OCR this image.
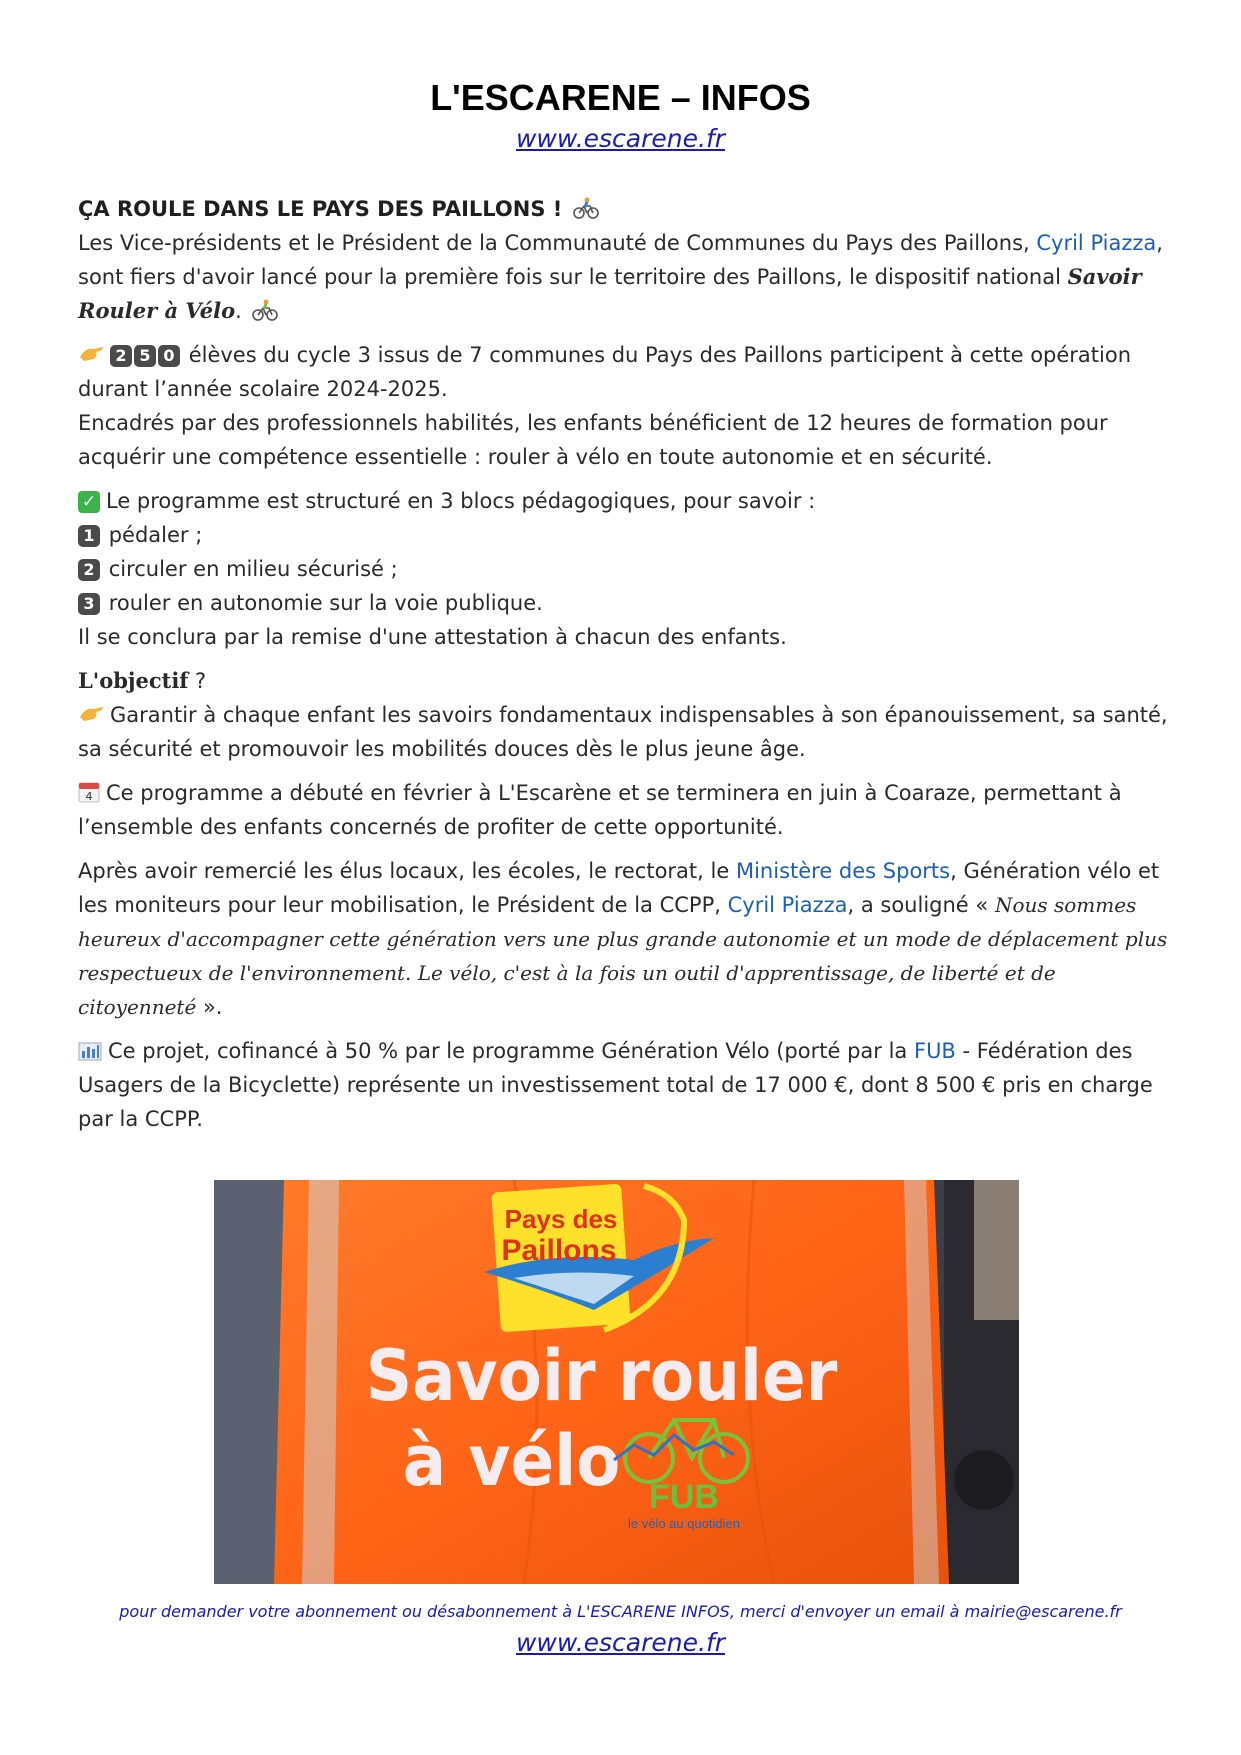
L'ESCARENE – INFOS
www.escarene.fr

ÇA ROULE DANS LE PAYS DES PAILLONS !
Les Vice-présidents et le Président de la Communauté de Communes du Pays des Paillons, Cyril Piazza, sont fiers d'avoir lancé pour la première fois sur le territoire des Paillons, le dispositif national Savoir Rouler à Vélo.

2 5 0 élèves du cycle 3 issus de 7 communes du Pays des Paillons participent à cette opération durant l’année scolaire 2024-2025.
Encadrés par des professionnels habilités, les enfants bénéficient de 12 heures de formation pour acquérir une compétence essentielle : rouler à vélo en toute autonomie et en sécurité.

✓ Le programme est structuré en 3 blocs pédagogiques, pour savoir :
1 pédaler ;
2 circuler en milieu sécurisé ;
3 rouler en autonomie sur la voie publique.
Il se conclura par la remise d'une attestation à chacun des enfants.

L'objectif ?
Garantir à chaque enfant les savoirs fondamentaux indispensables à son épanouissement, sa santé, sa sécurité et promouvoir les mobilités douces dès le plus jeune âge.

4 Ce programme a débuté en février à L'Escarène et se terminera en juin à Coaraze, permettant à l’ensemble des enfants concernés de profiter de cette opportunité.

Après avoir remercié les élus locaux, les écoles, le rectorat, le Ministère des Sports, Génération vélo et les moniteurs pour leur mobilisation, le Président de la CCPP, Cyril Piazza, a souligné « Nous sommes heureux d'accompagner cette génération vers une plus grande autonomie et un mode de déplacement plus respectueux de l'environnement. Le vélo, c'est à la fois un outil d'apprentissage, de liberté et de citoyenneté ».

Ce projet, cofinancé à 50 % par le programme Génération Vélo (porté par la FUB - Fédération des Usagers de la Bicyclette) représente un investissement total de 17 000 €, dont 8 500 € pris en charge par la CCPP.

Pays des
Paillons
Savoir rouler
à vélo FUB
le vélo au quotidien
pour demander votre abonnement ou désabonnement à L'ESCARENE INFOS, merci d'envoyer un email à mairie@escarene.fr
www.escarene.fr
